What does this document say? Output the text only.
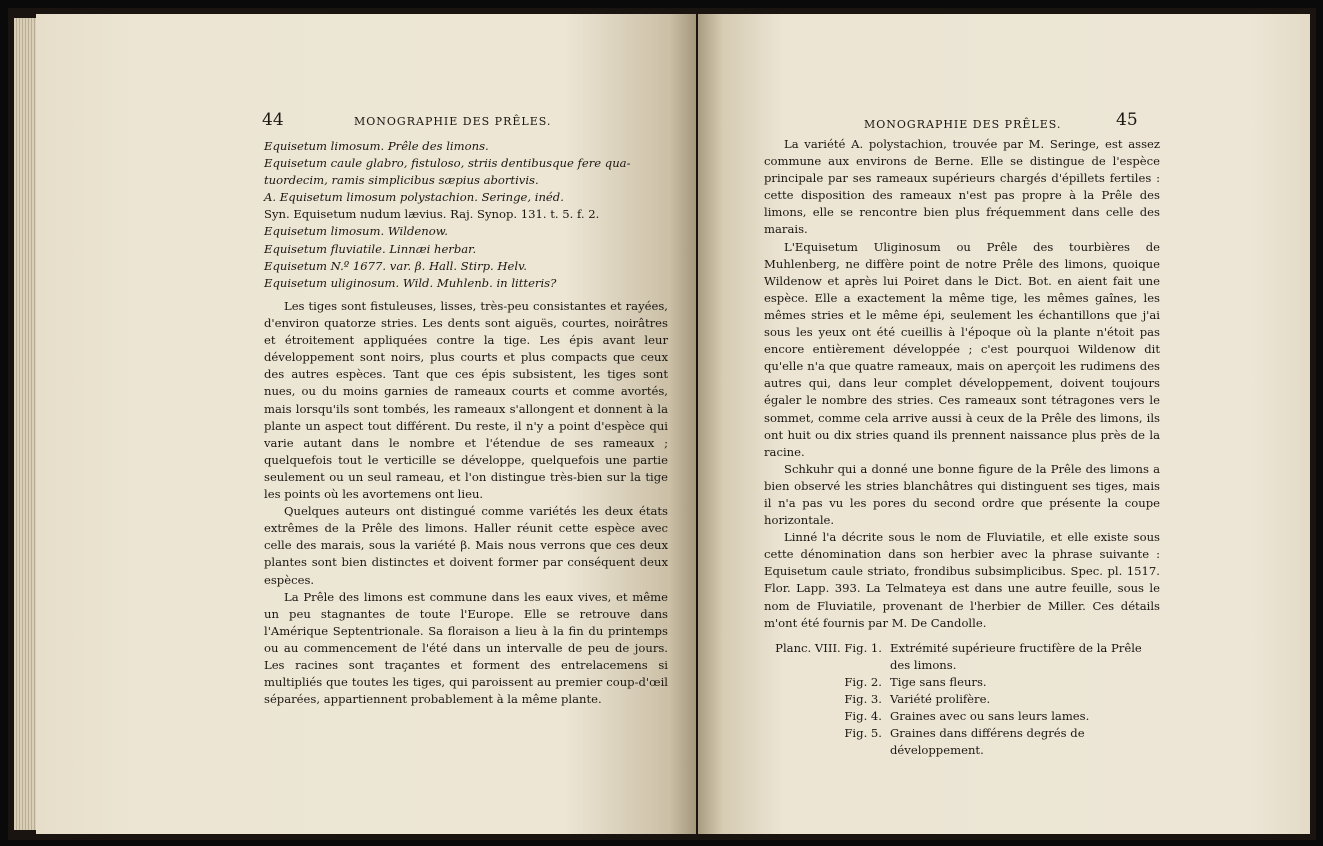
44	MONOGRAPHIE DES PRÊLES.

Equisetum limosum. Prêle des limons.

Equisetum caule glabro, fistuloso, striis dentibusque fere qua-

tuordecim, ramis simplicibus sæpius abortivis.

A. Equisetum limosum polystachion. Seringe, inéd.

Syn. Equisetum nudum lævius. Raj. Synop. 131. t. 5. f. 2.

Equisetum limosum. Wildenow.

Equisetum fluviatile. Linnæi herbar.

Equisetum N.º 1677. var. β. Hall. Stirp. Helv.

Equisetum uliginosum. Wild. Muhlenb. in litteris?

Les tiges sont fistuleuses, lisses, très-peu consistantes et rayées, d'environ quatorze stries. Les dents sont aiguës, courtes, noirâtres et étroitement appliquées contre la tige. Les épis avant leur développement sont noirs, plus courts et plus compacts que ceux des autres espèces. Tant que ces épis subsistent, les tiges sont nues, ou du moins garnies de rameaux courts et comme avortés, mais lorsqu'ils sont tombés, les rameaux s'allongent et donnent à la plante un aspect tout différent. Du reste, il n'y a point d'espèce qui varie autant dans le nombre et l'étendue de ses rameaux ; quelquefois tout le verticille se développe, quelquefois une partie seulement ou un seul rameau, et l'on distingue très-bien sur la tige les points où les avortemens ont lieu.

Quelques auteurs ont distingué comme variétés les deux états extrêmes de la Prêle des limons. Haller réunit cette espèce avec celle des marais, sous la variété β. Mais nous verrons que ces deux plantes sont bien distinctes et doivent former par conséquent deux espèces.

La Prêle des limons est commune dans les eaux vives, et même un peu stagnantes de toute l'Europe. Elle se retrouve dans l'Amérique Septentrionale. Sa floraison a lieu à la fin du printemps ou au commencement de l'été dans un intervalle de peu de jours. Les racines sont traçantes et forment des entrelacemens si multipliés que toutes les tiges, qui paroissent au premier coup-d'œil séparées, appartiennent probablement à la même plante.

MONOGRAPHIE DES PRÊLES.	45

La variété A. polystachion, trouvée par M. Seringe, est assez commune aux environs de Berne. Elle se distingue de l'espèce principale par ses rameaux supérieurs chargés d'épillets fertiles : cette disposition des rameaux n'est pas propre à la Prêle des limons, elle se rencontre bien plus fréquemment dans celle des marais.

L'Equisetum Uliginosum ou Prêle des tourbières de Muhlenberg, ne diffère point de notre Prêle des limons, quoique Wildenow et après lui Poiret dans le Dict. Bot. en aient fait une espèce. Elle a exactement la même tige, les mêmes gaînes, les mêmes stries et le même épi, seulement les échantillons que j'ai sous les yeux ont été cueillis à l'époque où la plante n'étoit pas encore entièrement développée ; c'est pourquoi Wildenow dit qu'elle n'a que quatre rameaux, mais on aperçoit les rudimens des autres qui, dans leur complet développement, doivent toujours égaler le nombre des stries. Ces rameaux sont tétragones vers le sommet, comme cela arrive aussi à ceux de la Prêle des limons, ils ont huit ou dix stries quand ils prennent naissance plus près de la racine.

Schkuhr qui a donné une bonne figure de la Prêle des limons a bien observé les stries blanchâtres qui distinguent ses tiges, mais il n'a pas vu les pores du second ordre que présente la coupe horizontale.

Linné l'a décrite sous le nom de Fluviatile, et elle existe sous cette dénomination dans son herbier avec la phrase suivante : Equisetum caule striato, frondibus subsimplicibus. Spec. pl. 1517. Flor. Lapp. 393. La Telmateya est dans une autre feuille, sous le nom de Fluviatile, provenant de l'herbier de Miller. Ces détails m'ont été fournis par M. De Candolle.

Planc. VIII. Fig. 1. Extrémité supérieure fructifère de la Prêle des limons.
Fig. 2. Tige sans fleurs.
Fig. 3. Variété prolifère.
Fig. 4. Graines avec ou sans leurs lames.
Fig. 5. Graines dans différens degrés de développement.
